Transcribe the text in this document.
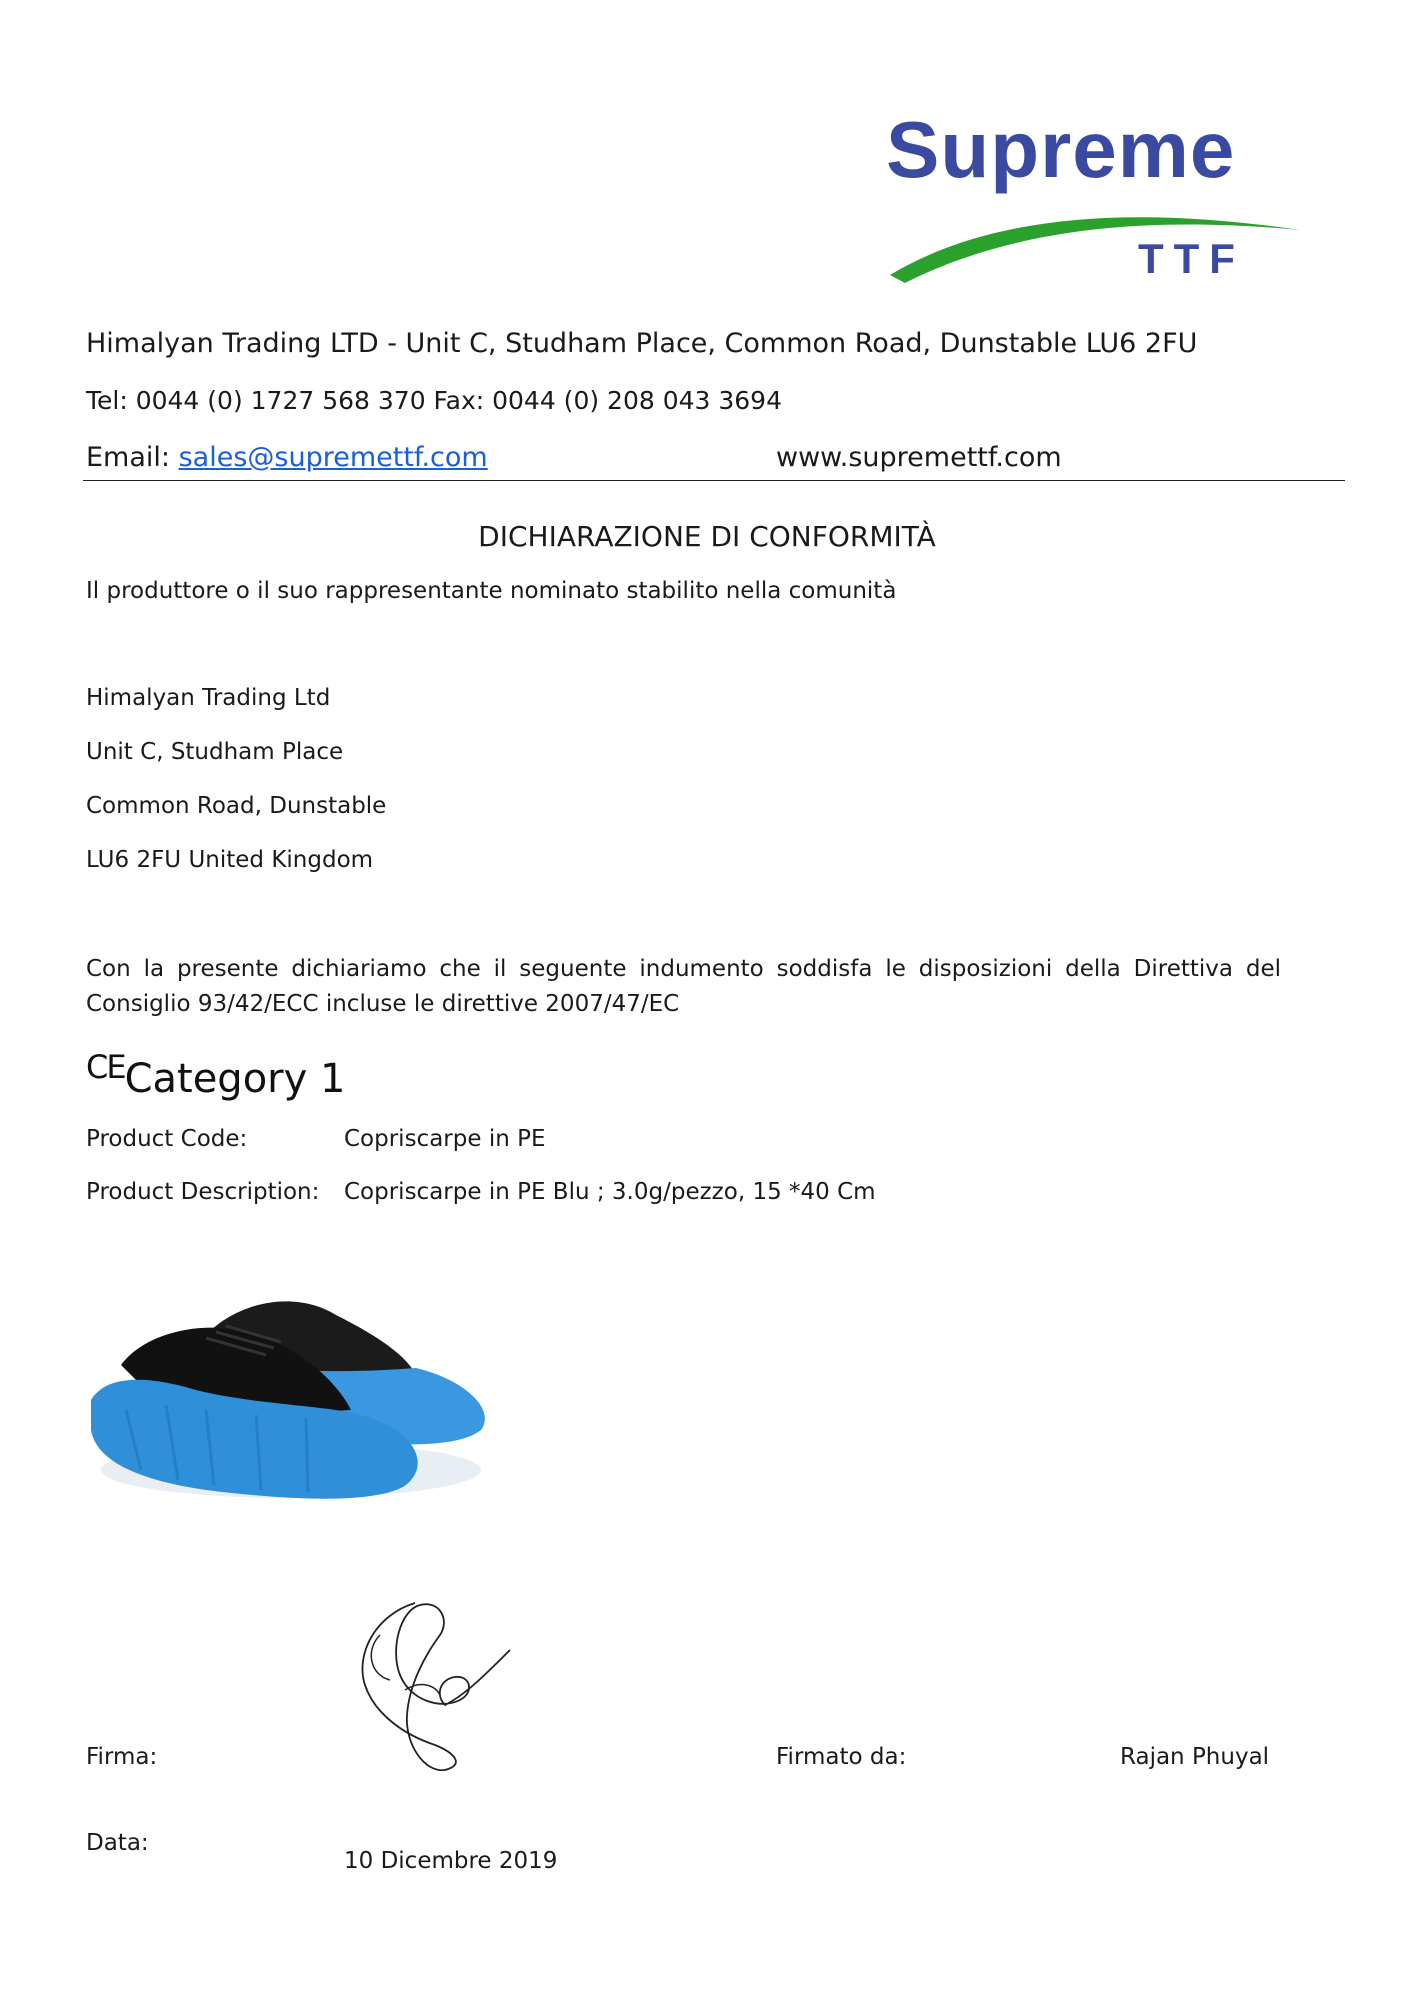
Supreme
TTF
Himalyan Trading LTD - Unit C, Studham Place, Common Road, Dunstable LU6 2FU
Tel: 0044 (0) 1727 568 370 Fax: 0044 (0) 208 043 3694
Email: sales@supremettf.com	www.supremettf.com
DICHIARAZIONE DI CONFORMITÀ
Il produttore o il suo rappresentante nominato stabilito nella comunità
Himalyan Trading Ltd
Unit C, Studham Place
Common Road, Dunstable
LU6 2FU United Kingdom
Con la presente dichiariamo che il seguente indumento soddisfa le disposizioni della Direttiva del Consiglio 93/42/ECC incluse le direttive 2007/47/EC
CECategory 1
Product Code:	Copriscarpe in PE
Product Description: Copriscarpe in PE Blu ; 3.0g/pezzo, 15 *40 Cm
Firma:	Firmato da:	Rajan Phuyal
Data:
10 Dicembre 2019
